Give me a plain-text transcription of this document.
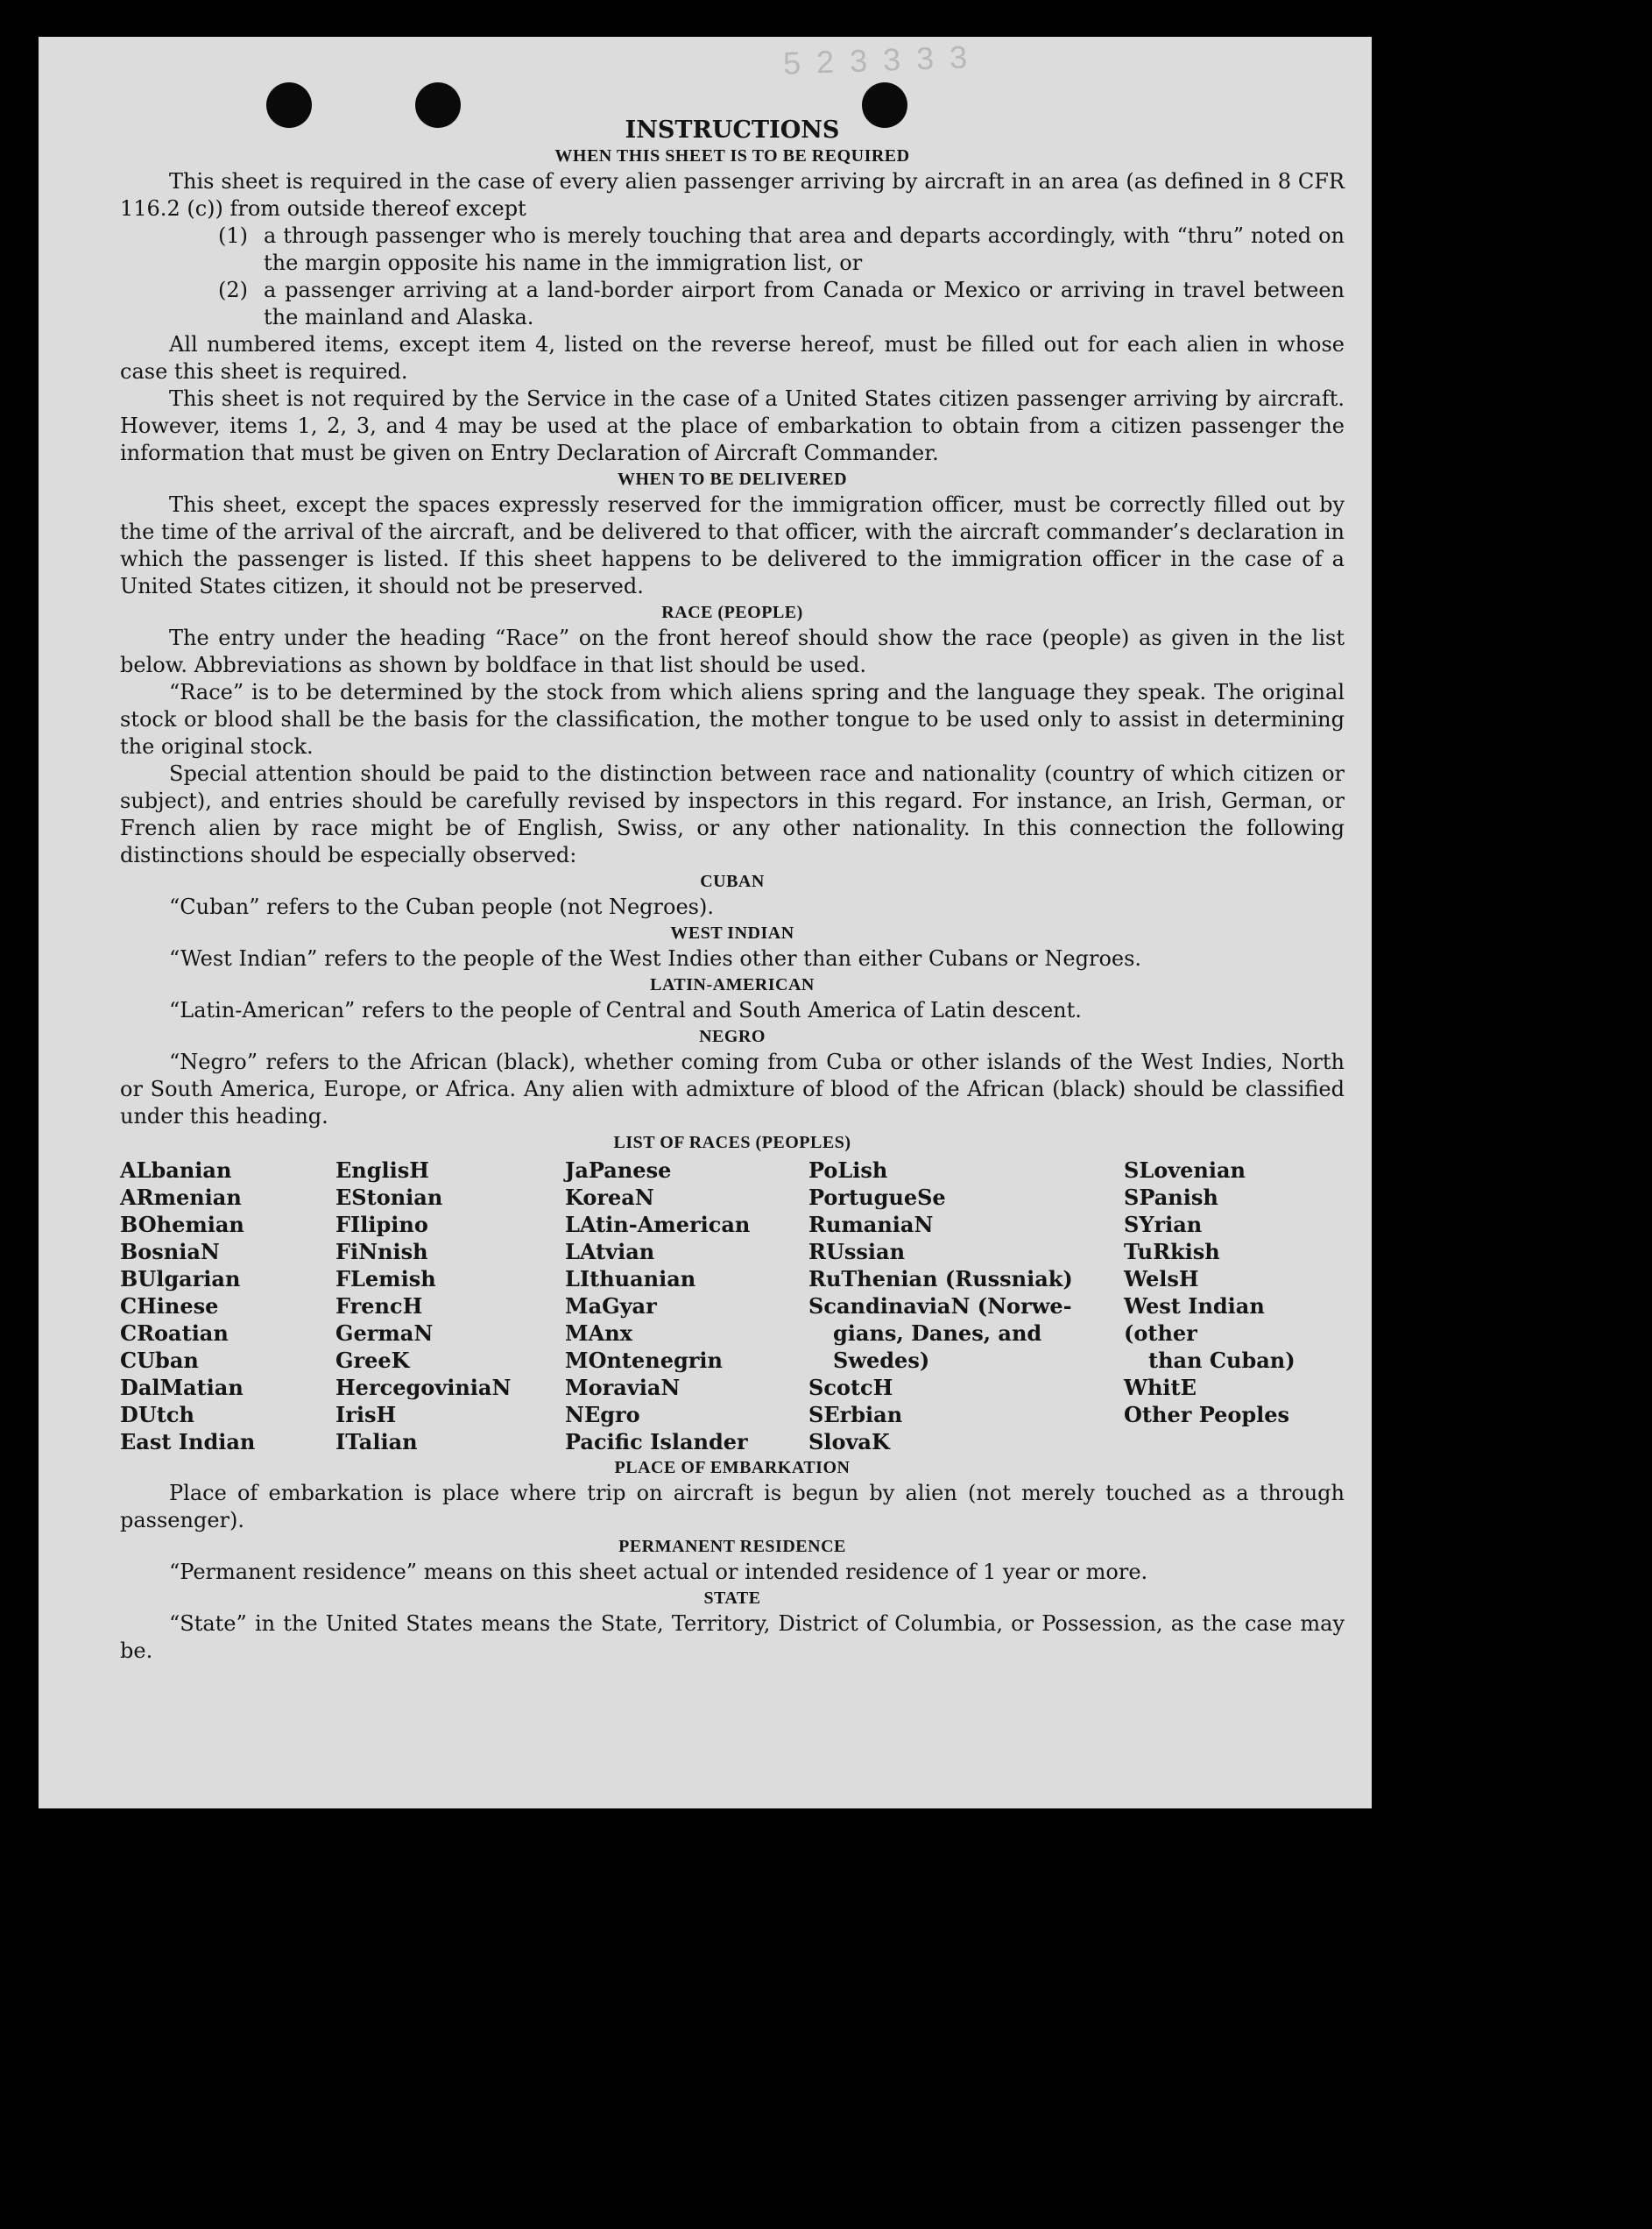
5 2 3 3 3 3
INSTRUCTIONS
WHEN THIS SHEET IS TO BE REQUIRED

This sheet is required in the case of every alien passenger arriving by aircraft in an area (as defined in 8 CFR 116.2 (c)) from outside thereof except

(1) a through passenger who is merely touching that area and departs accordingly, with “thru” noted on the margin opposite his name in the immigration list, or
(2) a passenger arriving at a land-border airport from Canada or Mexico or arriving in travel between the mainland and Alaska.

All numbered items, except item 4, listed on the reverse hereof, must be filled out for each alien in whose case this sheet is required.

This sheet is not required by the Service in the case of a United States citizen passenger arriving by aircraft. However, items 1, 2, 3, and 4 may be used at the place of embarkation to obtain from a citizen passenger the information that must be given on Entry Declaration of Aircraft Commander.

WHEN TO BE DELIVERED

This sheet, except the spaces expressly reserved for the immigration officer, must be correctly filled out by the time of the arrival of the aircraft, and be delivered to that officer, with the aircraft commander’s declaration in which the passenger is listed. If this sheet happens to be delivered to the immigration officer in the case of a United States citizen, it should not be preserved.

RACE (PEOPLE)

The entry under the heading “Race” on the front hereof should show the race (people) as given in the list below. Abbreviations as shown by boldface in that list should be used.

“Race” is to be determined by the stock from which aliens spring and the language they speak. The original stock or blood shall be the basis for the classification, the mother tongue to be used only to assist in determining the original stock.

Special attention should be paid to the distinction between race and nationality (country of which citizen or subject), and entries should be carefully revised by inspectors in this regard. For instance, an Irish, German, or French alien by race might be of English, Swiss, or any other nationality. In this connection the following distinctions should be especially observed:

CUBAN

“Cuban” refers to the Cuban people (not Negroes).

WEST INDIAN

“West Indian” refers to the people of the West Indies other than either Cubans or Negroes.

LATIN-AMERICAN

“Latin-American” refers to the people of Central and South America of Latin descent.

NEGRO

“Negro” refers to the African (black), whether coming from Cuba or other islands of the West Indies, North or South America, Europe, or Africa. Any alien with admixture of blood of the African (black) should be classified under this heading.

LIST OF RACES (PEOPLES)
ALbanian
ARmenian
BOhemian
BosniaN
BUlgarian
CHinese
CRoatian
CUban
DalMatian
DUtch
East Indian
EnglisH
EStonian
FIlipino
FiNnish
FLemish
FrencH
GermaN
GreeK
HercegoviniaN
IrisH
ITalian
JaPanese
KoreaN
LAtin-American
LAtvian
LIthuanian
MaGyar
MAnx
MOntenegrin
MoraviaN
NEgro
Pacific Islander
PoLish
PortugueSe
RumaniaN
RUssian
RuThenian (Russniak)
ScandinaviaN (Norwe-
gians, Danes, and
Swedes)
ScotcH
SErbian
SlovaK
SLovenian
SPanish
SYrian
TuRkish
WelsH
West Indian (other
than Cuban)
WhitE
Other Peoples
PLACE OF EMBARKATION

Place of embarkation is place where trip on aircraft is begun by alien (not merely touched as a through passenger).

PERMANENT RESIDENCE

“Permanent residence” means on this sheet actual or intended residence of 1 year or more.

STATE

“State” in the United States means the State, Territory, District of Columbia, or Possession, as the case may be.
